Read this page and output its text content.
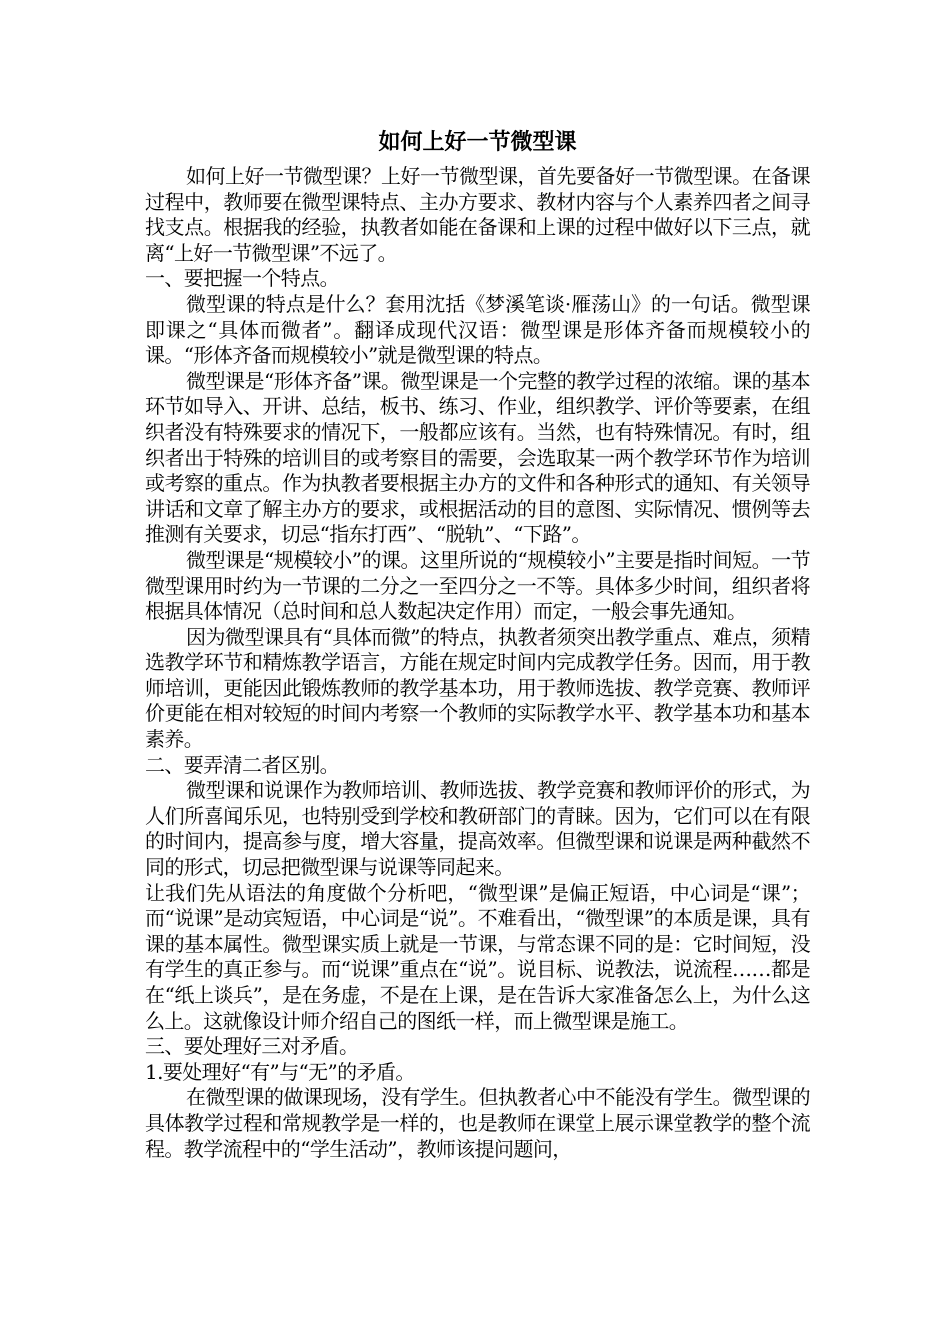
如何上好一节微型课

如何上好一节微型课？上好一节微型课，首先要备好一节微型课。在备课过程中，教师要在微型课特点、主办方要求、教材内容与个人素养四者之间寻找支点。根据我的经验，执教者如能在备课和上课的过程中做好以下三点，就离“上好一节微型课”不远了。

一、要把握一个特点。

微型课的特点是什么？套用沈括《梦溪笔谈·雁荡山》的一句话。微型课即课之“具体而微者”。翻译成现代汉语：微型课是形体齐备而规模较小的课。“形体齐备而规模较小”就是微型课的特点。

微型课是“形体齐备”课。微型课是一个完整的教学过程的浓缩。课的基本环节如导入、开讲、总结，板书、练习、作业，组织教学、评价等要素，在组织者没有特殊要求的情况下，一般都应该有。当然，也有特殊情况。有时，组织者出于特殊的培训目的或考察目的需要，会选取某一两个教学环节作为培训或考察的重点。作为执教者要根据主办方的文件和各种形式的通知、有关领导讲话和文章了解主办方的要求，或根据活动的目的意图、实际情况、惯例等去推测有关要求，切忌“指东打西”、“脱轨”、“下路”。

微型课是“规模较小”的课。这里所说的“规模较小”主要是指时间短。一节微型课用时约为一节课的二分之一至四分之一不等。具体多少时间，组织者将根据具体情况（总时间和总人数起决定作用）而定，一般会事先通知。

因为微型课具有“具体而微”的特点，执教者须突出教学重点、难点，须精选教学环节和精炼教学语言，方能在规定时间内完成教学任务。因而，用于教师培训，更能因此锻炼教师的教学基本功，用于教师选拔、教学竞赛、教师评价更能在相对较短的时间内考察一个教师的实际教学水平、教学基本功和基本素养。

二、要弄清二者区别。

微型课和说课作为教师培训、教师选拔、教学竞赛和教师评价的形式，为人们所喜闻乐见，也特别受到学校和教研部门的青睐。因为，它们可以在有限的时间内，提高参与度，增大容量，提高效率。但微型课和说课是两种截然不同的形式，切忌把微型课与说课等同起来。

让我们先从语法的角度做个分析吧，“微型课”是偏正短语，中心词是“课”；而“说课”是动宾短语，中心词是“说”。不难看出，“微型课”的本质是课，具有课的基本属性。微型课实质上就是一节课，与常态课不同的是：它时间短，没有学生的真正参与。而“说课”重点在“说”。说目标、说教法，说流程……都是在“纸上谈兵”，是在务虚，不是在上课，是在告诉大家准备怎么上，为什么这么上。这就像设计师介绍自己的图纸一样，而上微型课是施工。

三、要处理好三对矛盾。

1.要处理好“有”与“无”的矛盾。

在微型课的做课现场，没有学生。但执教者心中不能没有学生。微型课的具体教学过程和常规教学是一样的，也是教师在课堂上展示课堂教学的整个流程。教学流程中的“学生活动”，教师该提问题问，
